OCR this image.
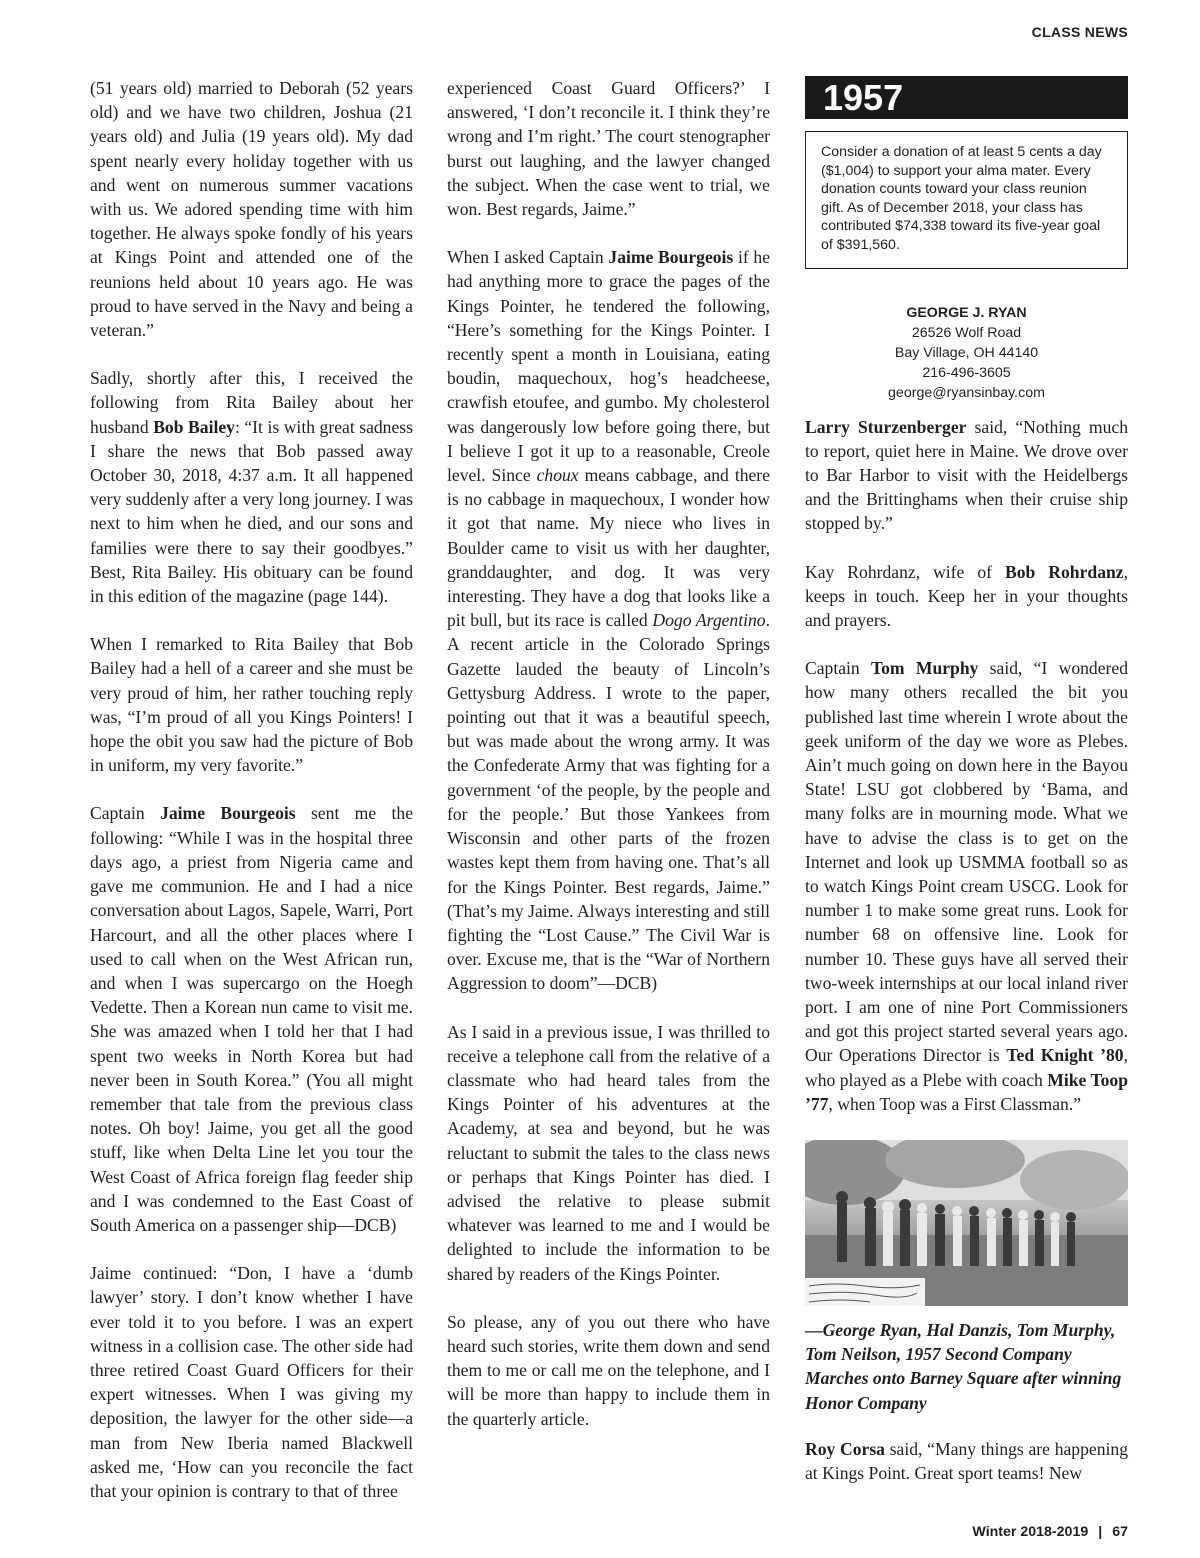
CLASS NEWS

(51 years old) married to Deborah (52 years old) and we have two children, Joshua (21 years old) and Julia (19 years old). My dad spent nearly every holiday together with us and went on numerous summer vacations with us. We adored spending time with him together. He always spoke fondly of his years at Kings Point and attended one of the reunions held about 10 years ago. He was proud to have served in the Navy and being a veteran.”

Sadly, shortly after this, I received the following from Rita Bailey about her husband Bob Bailey: “It is with great sadness I share the news that Bob passed away October 30, 2018, 4:37 a.m. It all happened very suddenly after a very long journey. I was next to him when he died, and our sons and families were there to say their goodbyes.” Best, Rita Bailey. His obituary can be found in this edition of the magazine (page 144).

When I remarked to Rita Bailey that Bob Bailey had a hell of a career and she must be very proud of him, her rather touching reply was, “I’m proud of all you Kings Pointers! I hope the obit you saw had the picture of Bob in uniform, my very favorite.”

Captain Jaime Bourgeois sent me the following: “While I was in the hospital three days ago, a priest from Nigeria came and gave me communion. He and I had a nice conversation about Lagos, Sapele, Warri, Port Harcourt, and all the other places where I used to call when on the West African run, and when I was supercargo on the Hoegh Vedette. Then a Korean nun came to visit me. She was amazed when I told her that I had spent two weeks in North Korea but had never been in South Korea.” (You all might remember that tale from the previous class notes. Oh boy! Jaime, you get all the good stuff, like when Delta Line let you tour the West Coast of Africa foreign flag feeder ship and I was condemned to the East Coast of South America on a passenger ship—DCB)

Jaime continued: “Don, I have a ‘dumb lawyer’ story. I don’t know whether I have ever told it to you before. I was an expert witness in a collision case. The other side had three retired Coast Guard Officers for their expert witnesses. When I was giving my deposition, the lawyer for the other side—a man from New Iberia named Blackwell asked me, ‘How can you reconcile the fact that your opinion is contrary to that of three

experienced Coast Guard Officers?’ I answered, ‘I don’t reconcile it. I think they’re wrong and I’m right.’ The court stenographer burst out laughing, and the lawyer changed the subject. When the case went to trial, we won. Best regards, Jaime.”

When I asked Captain Jaime Bourgeois if he had anything more to grace the pages of the Kings Pointer, he tendered the following, “Here’s something for the Kings Pointer. I recently spent a month in Louisiana, eating boudin, maquechoux, hog’s headcheese, crawfish etoufee, and gumbo. My cholesterol was dangerously low before going there, but I believe I got it up to a reasonable, Creole level. Since choux means cabbage, and there is no cabbage in maquechoux, I wonder how it got that name. My niece who lives in Boulder came to visit us with her daughter, granddaughter, and dog. It was very interesting. They have a dog that looks like a pit bull, but its race is called Dogo Argentino. A recent article in the Colorado Springs Gazette lauded the beauty of Lincoln’s Gettysburg Address. I wrote to the paper, pointing out that it was a beautiful speech, but was made about the wrong army. It was the Confederate Army that was fighting for a government ‘of the people, by the people and for the people.’ But those Yankees from Wisconsin and other parts of the frozen wastes kept them from having one. That’s all for the Kings Pointer. Best regards, Jaime.” (That’s my Jaime. Always interesting and still fighting the “Lost Cause.” The Civil War is over. Excuse me, that is the “War of Northern Aggression to doom”—DCB)

As I said in a previous issue, I was thrilled to receive a telephone call from the relative of a classmate who had heard tales from the Kings Pointer of his adventures at the Academy, at sea and beyond, but he was reluctant to submit the tales to the class news or perhaps that Kings Pointer has died. I advised the relative to please submit whatever was learned to me and I would be delighted to include the information to be shared by readers of the Kings Pointer.

So please, any of you out there who have heard such stories, write them down and send them to me or call me on the telephone, and I will be more than happy to include them in the quarterly article.

1957
Consider a donation of at least 5 cents a day ($1,004) to support your alma mater. Every donation counts toward your class reunion gift. As of December 2018, your class has contributed $74,338 toward its five-year goal of $391,560.
GEORGE J. RYAN
26526 Wolf Road
Bay Village, OH 44140
216-496-3605
george@ryansinbay.com

Larry Sturzenberger said, “Nothing much to report, quiet here in Maine. We drove over to Bar Harbor to visit with the Heidelbergs and the Brittinghams when their cruise ship stopped by.”

Kay Rohrdanz, wife of Bob Rohrdanz, keeps in touch. Keep her in your thoughts and prayers.

Captain Tom Murphy said, “I wondered how many others recalled the bit you published last time wherein I wrote about the geek uniform of the day we wore as Plebes. Ain’t much going on down here in the Bayou State! LSU got clobbered by ‘Bama, and many folks are in mourning mode. What we have to advise the class is to get on the Internet and look up USMMA football so as to watch Kings Point cream USCG. Look for number 1 to make some great runs. Look for number 68 on offensive line. Look for number 10. These guys have all served their two-week internships at our local inland river port. I am one of nine Port Commissioners and got this project started several years ago. Our Operations Director is Ted Knight ’80, who played as a Plebe with coach Mike Toop ’77, when Toop was a First Classman.”

—George Ryan, Hal Danzis, Tom Murphy, Tom Neilson, 1957 Second Company Marches onto Barney Square after winning Honor Company

Roy Corsa said, “Many things are happening at Kings Point. Great sport teams! New

Winter 2018-2019 | 67
